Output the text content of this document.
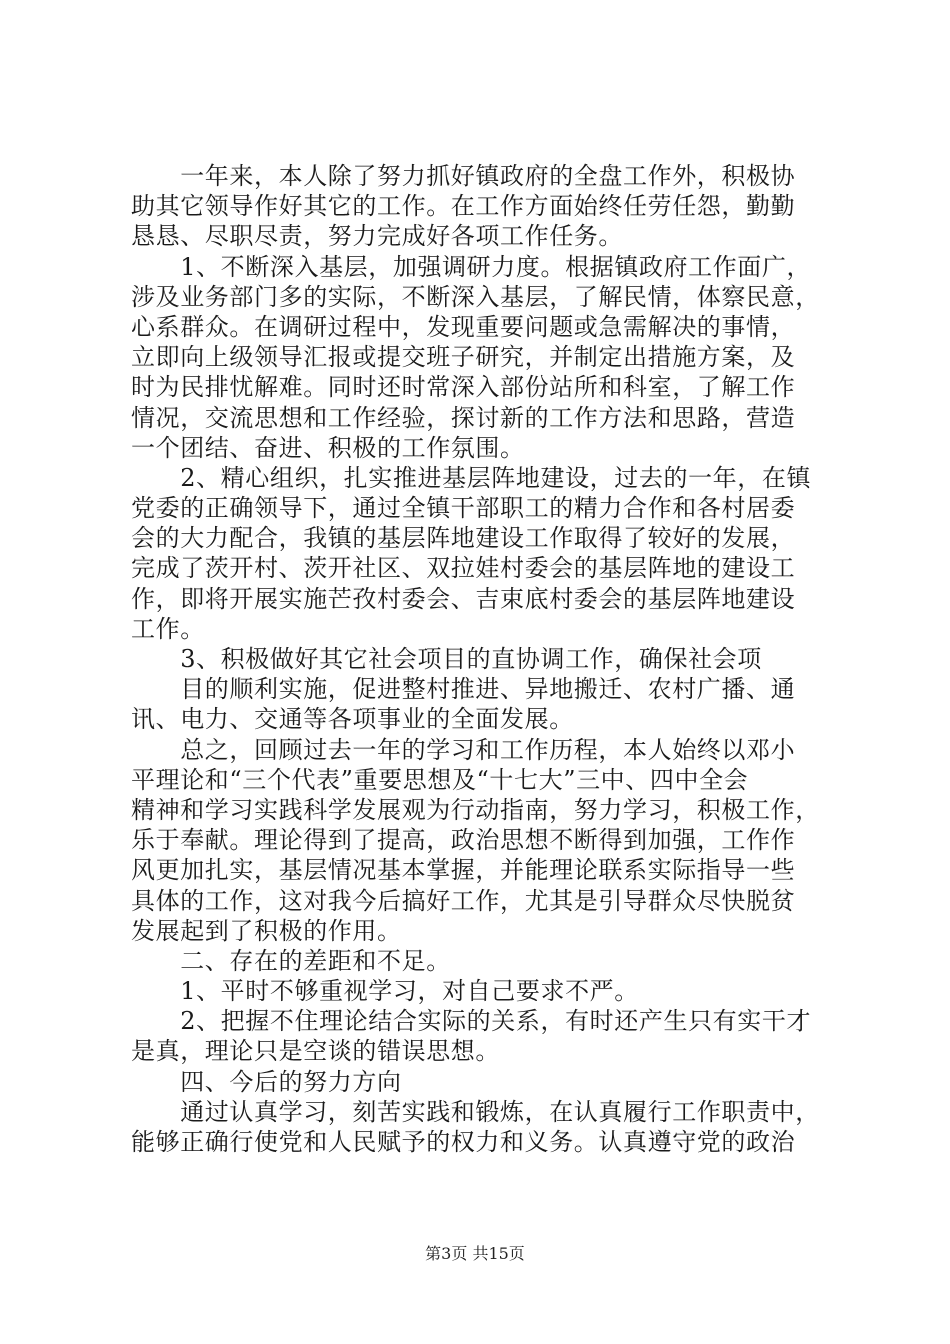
　　一年来，本人除了努力抓好镇政府的全盘工作外，积极协
助其它领导作好其它的工作。在工作方面始终任劳任怨，勤勤
恳恳、尽职尽责，努力完成好各项工作任务。
　　1、不断深入基层，加强调研力度。根据镇政府工作面广，
涉及业务部门多的实际，不断深入基层，了解民情，体察民意，
心系群众。在调研过程中，发现重要问题或急需解决的事情，
立即向上级领导汇报或提交班子研究，并制定出措施方案，及
时为民排忧解难。同时还时常深入部份站所和科室，了解工作
情况，交流思想和工作经验，探讨新的工作方法和思路，营造
一个团结、奋进、积极的工作氛围。
　　2、精心组织，扎实推进基层阵地建设，过去的一年，在镇
党委的正确领导下，通过全镇干部职工的精力合作和各村居委
会的大力配合，我镇的基层阵地建设工作取得了较好的发展，
完成了茨开村、茨开社区、双拉娃村委会的基层阵地的建设工
作，即将开展实施芒孜村委会、吉束底村委会的基层阵地建设
工作。
　　3、积极做好其它社会项目的直协调工作，确保社会项
　　目的顺利实施，促进整村推进、异地搬迁、农村广播、通
讯、电力、交通等各项事业的全面发展。
　　总之，回顾过去一年的学习和工作历程，本人始终以邓小
平理论和“三个代表”重要思想及“十七大”三中、四中全会
精神和学习实践科学发展观为行动指南，努力学习，积极工作，
乐于奉献。理论得到了提高，政治思想不断得到加强，工作作
风更加扎实，基层情况基本掌握，并能理论联系实际指导一些
具体的工作，这对我今后搞好工作，尤其是引导群众尽快脱贫
发展起到了积极的作用。
　　二、存在的差距和不足。
　　1、平时不够重视学习，对自己要求不严。
　　2、把握不住理论结合实际的关系，有时还产生只有实干才
是真，理论只是空谈的错误思想。
　　四、今后的努力方向
　　通过认真学习，刻苦实践和锻炼，在认真履行工作职责中，
能够正确行使党和人民赋予的权力和义务。认真遵守党的政治
第3页 共15页
